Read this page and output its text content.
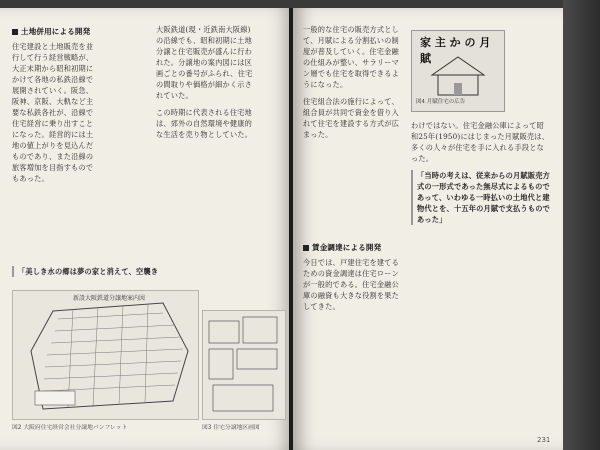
土地併用による開発

住宅建設と土地販売を並行して行う経営戦略が、大正末期から昭和初期にかけて各地の私鉄沿線で展開されていく。阪急、阪神、京阪、大軌など主要な私鉄各社が、沿線で住宅経営に乗り出すことになった。経営的には土地の値上がりを見込んだものであり、また沿線の旅客増加を目指すものでもあった。

大阪鉄道(現・近鉄南大阪線)の沿線でも、昭和初期に土地分譲と住宅販売が盛んに行われた。分譲地の案内図には区画ごとの番号がふられ、住宅の間取りや価格が細かく示されていた。

この時期に代表される住宅地は、郊外の自然環境や健康的な生活を売り物としていた。

「美しき水の郷は夢の家と消えて、空襲き

新設大阪鉄道分譲地案内図
図2 大阪府住宅経営会社分譲地パンフレット	図3 住宅分譲地区画図

一般的な住宅の販売方式として、月賦による分割払いの制度が普及していく。住宅金融の仕組みが整い、サラリーマン層でも住宅を取得できるようになった。

住宅組合法の施行によって、組合員が共同で資金を借り入れて住宅を建設する方式が広まった。

家 主 か の 月 賦
図4 月賦住宅の広告
賃金調達による開発

今日では、戸建住宅を建てるための資金調達は住宅ローンが一般的である。住宅金融公庫の融資も大きな役割を果たしてきた。

わけではない。住宅金融公庫によって昭和25年(1950)にはじまった月賦販売は、多くの人々が住宅を手に入れる手段となった。

「当時の考えは、従来からの月賦販売方式の一形式であった無尽式によるものであって、いわゆる一時払いの土地代と建物代とを、十五年の月賦で支払うものであった」

231
